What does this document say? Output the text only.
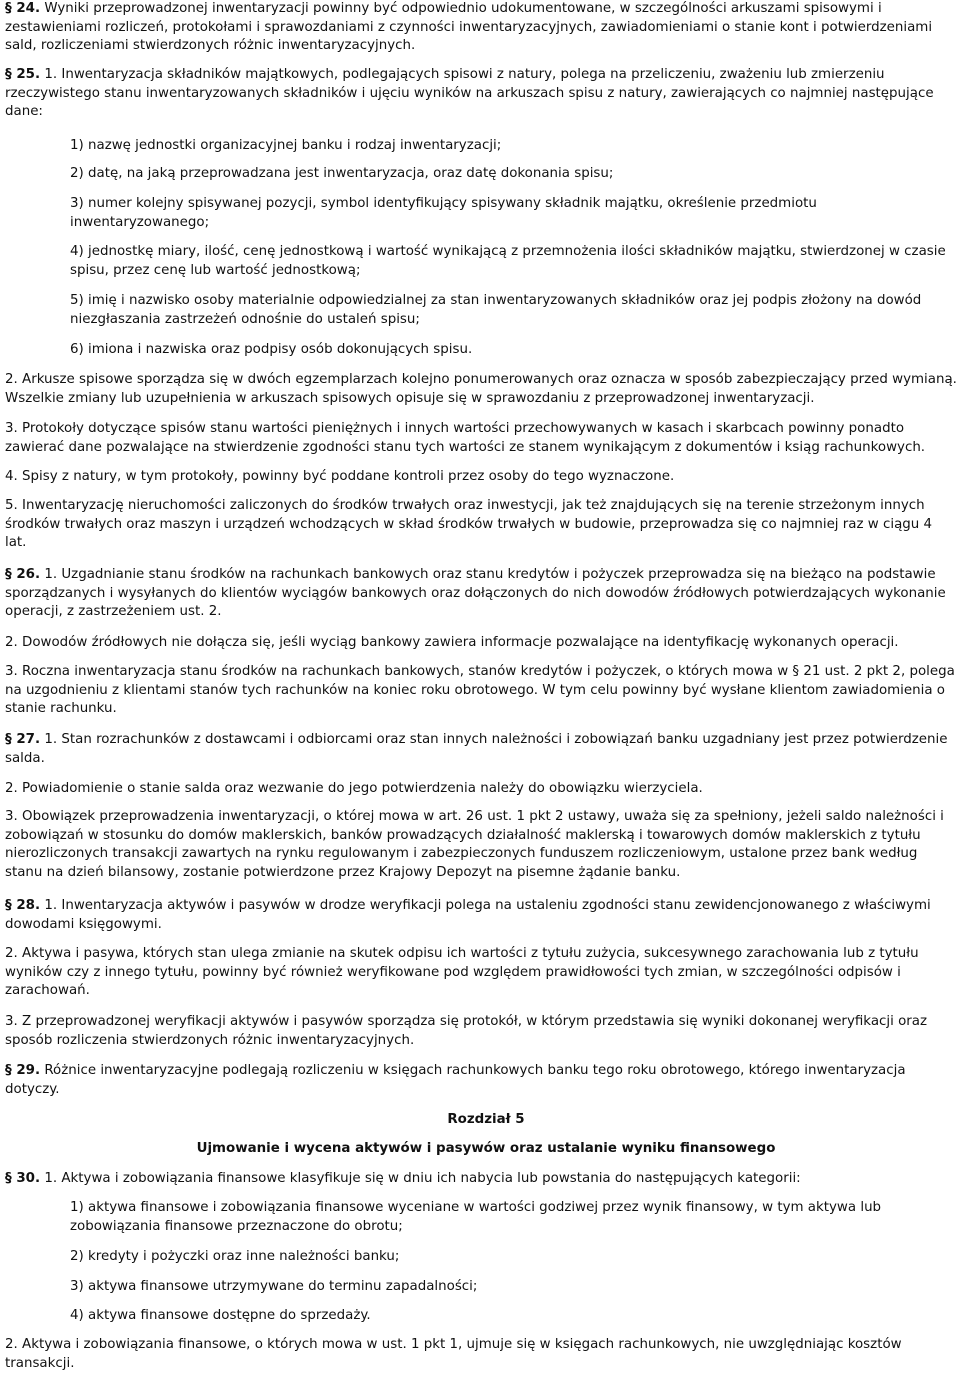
§ 24. Wyniki przeprowadzonej inwentaryzacji powinny być odpowiednio udokumentowane, w szczególności arkuszami spisowymi i zestawieniami rozliczeń, protokołami i sprawozdaniami z czynności inwentaryzacyjnych, zawiadomieniami o stanie kont i potwierdzeniami sald, rozliczeniami stwierdzonych różnic inwentaryzacyjnych.

§ 25. 1. Inwentaryzacja składników majątkowych, podlegających spisowi z natury, polega na przeliczeniu, zważeniu lub zmierzeniu rzeczywistego stanu inwentaryzowanych składników i ujęciu wyników na arkuszach spisu z natury, zawierających co najmniej następujące dane:

1) nazwę jednostki organizacyjnej banku i rodzaj inwentaryzacji;

2) datę, na jaką przeprowadzana jest inwentaryzacja, oraz datę dokonania spisu;

3) numer kolejny spisywanej pozycji, symbol identyfikujący spisywany składnik majątku, określenie przedmiotu inwentaryzowanego;

4) jednostkę miary, ilość, cenę jednostkową i wartość wynikającą z przemnożenia ilości składników majątku, stwierdzonej w czasie spisu, przez cenę lub wartość jednostkową;

5) imię i nazwisko osoby materialnie odpowiedzialnej za stan inwentaryzowanych składników oraz jej podpis złożony na dowód niezgłaszania zastrzeżeń odnośnie do ustaleń spisu;

6) imiona i nazwiska oraz podpisy osób dokonujących spisu.

2. Arkusze spisowe sporządza się w dwóch egzemplarzach kolejno ponumerowanych oraz oznacza w sposób zabezpieczający przed wymianą. Wszelkie zmiany lub uzupełnienia w arkuszach spisowych opisuje się w sprawozdaniu z przeprowadzonej inwentaryzacji.

3. Protokoły dotyczące spisów stanu wartości pieniężnych i innych wartości przechowywanych w kasach i skarbcach powinny ponadto zawierać dane pozwalające na stwierdzenie zgodności stanu tych wartości ze stanem wynikającym z dokumentów i ksiąg rachunkowych.

4. Spisy z natury, w tym protokoły, powinny być poddane kontroli przez osoby do tego wyznaczone.

5. Inwentaryzację nieruchomości zaliczonych do środków trwałych oraz inwestycji, jak też znajdujących się na terenie strzeżonym innych środków trwałych oraz maszyn i urządzeń wchodzących w skład środków trwałych w budowie, przeprowadza się co najmniej raz w ciągu 4 lat.

§ 26. 1. Uzgadnianie stanu środków na rachunkach bankowych oraz stanu kredytów i pożyczek przeprowadza się na bieżąco na podstawie sporządzanych i wysyłanych do klientów wyciągów bankowych oraz dołączonych do nich dowodów źródłowych potwierdzających wykonanie operacji, z zastrzeżeniem ust. 2.

2. Dowodów źródłowych nie dołącza się, jeśli wyciąg bankowy zawiera informacje pozwalające na identyfikację wykonanych operacji.

3. Roczna inwentaryzacja stanu środków na rachunkach bankowych, stanów kredytów i pożyczek, o których mowa w § 21 ust. 2 pkt 2, polega na uzgodnieniu z klientami stanów tych rachunków na koniec roku obrotowego. W tym celu powinny być wysłane klientom zawiadomienia o stanie rachunku.

§ 27. 1. Stan rozrachunków z dostawcami i odbiorcami oraz stan innych należności i zobowiązań banku uzgadniany jest przez potwierdzenie salda.

2. Powiadomienie o stanie salda oraz wezwanie do jego potwierdzenia należy do obowiązku wierzyciela.

3. Obowiązek przeprowadzenia inwentaryzacji, o której mowa w art. 26 ust. 1 pkt 2 ustawy, uważa się za spełniony, jeżeli saldo należności i zobowiązań w stosunku do domów maklerskich, banków prowadzących działalność maklerską i towarowych domów maklerskich z tytułu nierozliczonych transakcji zawartych na rynku regulowanym i zabezpieczonych funduszem rozliczeniowym, ustalone przez bank według stanu na dzień bilansowy, zostanie potwierdzone przez Krajowy Depozyt na pisemne żądanie banku.

§ 28. 1. Inwentaryzacja aktywów i pasywów w drodze weryfikacji polega na ustaleniu zgodności stanu zewidencjonowanego z właściwymi dowodami księgowymi.

2. Aktywa i pasywa, których stan ulega zmianie na skutek odpisu ich wartości z tytułu zużycia, sukcesywnego zarachowania lub z tytułu wyników czy z innego tytułu, powinny być również weryfikowane pod względem prawidłowości tych zmian, w szczególności odpisów i zarachowań.

3. Z przeprowadzonej weryfikacji aktywów i pasywów sporządza się protokół, w którym przedstawia się wyniki dokonanej weryfikacji oraz sposób rozliczenia stwierdzonych różnic inwentaryzacyjnych.

§ 29. Różnice inwentaryzacyjne podlegają rozliczeniu w księgach rachunkowych banku tego roku obrotowego, którego inwentaryzacja dotyczy.

Rozdział 5

Ujmowanie i wycena aktywów i pasywów oraz ustalanie wyniku finansowego

§ 30. 1. Aktywa i zobowiązania finansowe klasyfikuje się w dniu ich nabycia lub powstania do następujących kategorii:

1) aktywa finansowe i zobowiązania finansowe wyceniane w wartości godziwej przez wynik finansowy, w tym aktywa lub zobowiązania finansowe przeznaczone do obrotu;

2) kredyty i pożyczki oraz inne należności banku;

3) aktywa finansowe utrzymywane do terminu zapadalności;

4) aktywa finansowe dostępne do sprzedaży.

2. Aktywa i zobowiązania finansowe, o których mowa w ust. 1 pkt 1, ujmuje się w księgach rachunkowych, nie uwzględniając kosztów transakcji.
